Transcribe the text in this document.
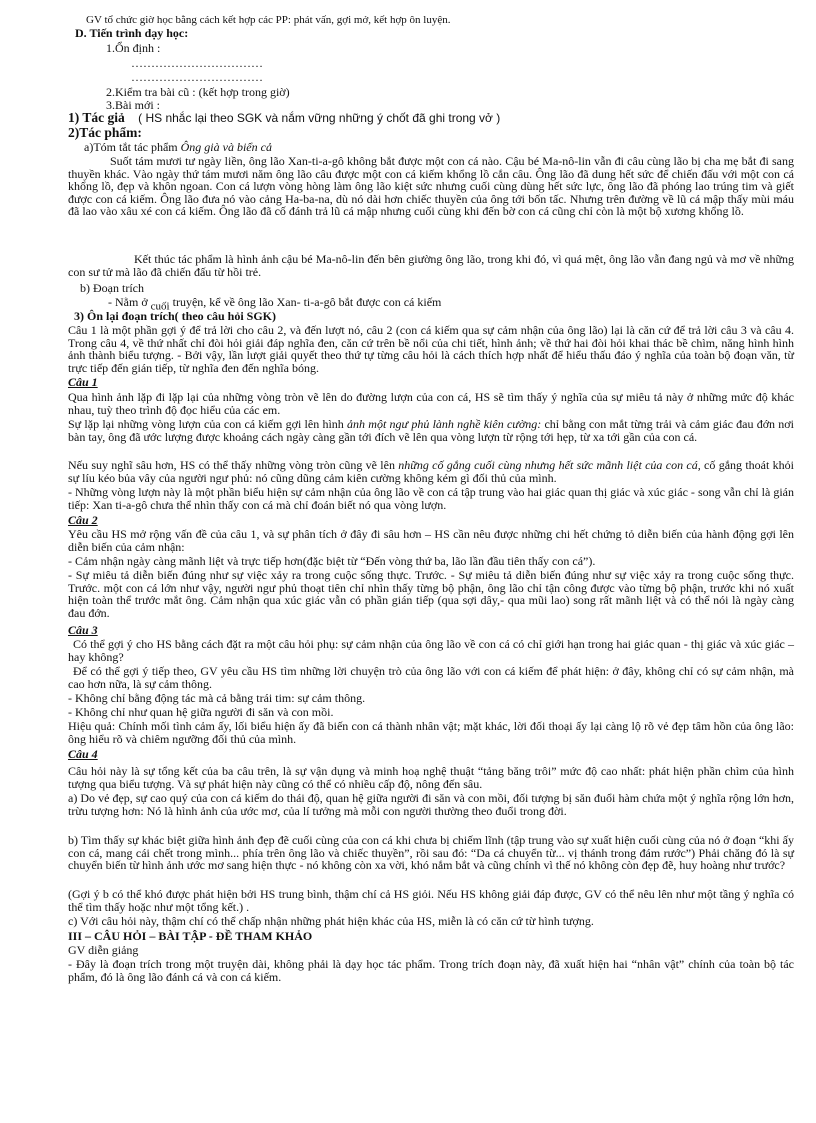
GV tổ chức giờ học bằng cách kết hợp các PP: phát vấn, gợi mở, kết hợp ôn luyện.
D. Tiến trình dạy học:
1.Ổn định :
……………………………
……………………………
2.Kiểm tra bài cũ : (kết hợp trong giờ)
3.Bài mới :
1) Tác giả ( HS nhắc lại theo SGK và nắm vững những ý chốt đã ghi trong vở )
2)Tác phẩm:
a)Tóm tắt tác phẩm Ông già và biển cả
Suốt tám mươi tư ngày liền, ông lão Xan-ti-a-gô không bắt được một con cá nào. Cậu bé Ma-nô-lin vẫn đi câu cùng lão bị cha mẹ bắt đi sang thuyền khác. Vào ngày thứ tám mươi năm ông lão câu được một con cá kiếm khổng lồ cắn câu. Ông lão đã dung hết sức để chiến đấu với một con cá khổng lồ, đẹp và khôn ngoan. Con cá lượn vòng hòng làm ông lão kiệt sức nhưng cuối cùng dùng hết sức lực, ông lão đã phóng lao trúng tim và giết được con cá kiếm. Ông lão đưa nó vào cảng Ha-ba-na, dù nó dài hơn chiếc thuyền của ông tới bốn tấc. Nhưng trên đường về lũ cá mập thấy mùi máu đã lao vào xâu xé con cá kiếm. Ông lão đã cố đánh trả lũ cá mập nhưng cuối cùng khi đến bờ con cá cũng chỉ còn là một bộ xương khổng lồ.
Kết thúc tác phẩm là hình ảnh cậu bé Ma-nô-lin đến bên giường ông lão, trong khi đó, vì quá mệt, ông lão vẫn đang ngủ và mơ về những con sư tử mà lão đã chiến đấu từ hồi trẻ.
b) Đoạn trích
- Nằm ở $_{cuối}$ truyện, kể về ông lão Xan- ti-a-gô bắt được con cá kiếm
3) Ôn lại đoạn trích( theo câu hỏi SGK)
Câu 1 là một phần gợi ý để trả lời cho câu 2, và đến lượt nó, câu 2 (con cá kiếm qua sự cảm nhận của ông lão) lại là căn cứ để trả lời câu 3 và câu 4. Trong câu 4, về thứ nhất chỉ đòi hỏi giải đáp nghĩa đen, căn cứ trên bề nổi của chi tiết, hình ảnh; về thứ hai đòi hỏi khai thác bề chìm, năng hình hình ảnh thành biểu tượng. - Bởi vậy, lần lượt giải quyết theo thứ tự từng câu hỏi là cách thích hợp nhất để hiểu thấu đáo ý nghĩa của toàn bộ đoạn văn, từ trực tiếp đến gián tiếp, từ nghĩa đen đến nghĩa bóng.
Câu 1
Qua hình ảnh lặp đi lặp lại của những vòng tròn vẽ lên do đường lượn của con cá, HS sẽ tìm thấy ý nghĩa của sự miêu tả này ở những mức độ khác nhau, tuỳ theo trình độ đọc hiểu của các em.
Sự lặp lại những vòng lượn của con cá kiếm gợi lên hình ảnh một ngư phủ lành nghề kiên cường: chỉ bằng con mắt từng trải và cảm giác đau đớn nơi bàn tay, ông đã ước lượng được khoảng cách ngày càng gần tới đích vẽ lên qua vòng lượn từ rộng tới hẹp, từ xa tới gần của con cá.
Nếu suy nghĩ sâu hơn, HS có thể thấy những vòng tròn cũng vẽ lên những cố gắng cuối cùng nhưng hết sức mãnh liệt của con cá, cố gắng thoát khỏi sự líu kéo bủa vây của người ngư phủ: nó cũng dũng cảm kiên cường không kém gì đối thủ của mình.
- Những vòng lượn này là một phần biểu hiện sự cảm nhận của ông lão về con cá tập trung vào hai giác quan thị giác và xúc giác - song vẫn chỉ là gián tiếp: Xan ti-a-gô chưa thể nhìn thấy con cá mà chỉ đoán biết nó qua vòng lượn.
Câu 2
Yêu cầu HS mở rộng vấn đề của câu 1, và sự phân tích ở đây đi sâu hơn – HS cần nêu được những chi hết chứng tỏ diễn biến của hành động gợi lên diễn biến của cảm nhận:
- Cảm nhận ngày càng mãnh liệt và trực tiếp hơn(đặc biệt từ “Đến vòng thứ ba, lão lần đầu tiên thấy con cá”).
- Sự miêu tả diễn biến đúng như sự việc xảy ra trong cuộc sống thực. Trước. - Sự miêu tả diễn biến đúng như sự việc xảy ra trong cuộc sống thực. Trước. một con cá lớn như vậy, người ngư phủ thoạt tiên chỉ nhìn thấy từng bộ phận, ông lão chỉ tận công được vào từng bộ phận, trước khi nó xuất hiện toàn thể trước mắt ông. Cảm nhận qua xúc giác vẫn có phần gián tiếp (qua sợi dây,- qua mũi lao) song rất mãnh liệt và có thể nói là ngày càng đau đớn.
Câu 3
Có thể gợi ý cho HS bằng cách đặt ra một câu hỏi phụ: sự cảm nhận của ông lão về con cá có chỉ giới hạn trong hai giác quan - thị giác và xúc giác – hay không?
Để có thể gợi ý tiếp theo, GV yêu cầu HS tìm những lời chuyện trò của ông lão với con cá kiếm để phát hiện: ở đây, không chỉ có sự cảm nhận, mà cao hơn nữa, là sự cảm thông.
- Không chỉ bằng động tác mà cả bằng trái tim: sự cảm thông.
- Không chỉ như quan hệ giữa người đi săn và con mồi.
Hiệu quả: Chính mối tình cảm ấy, lối biểu hiện ấy đã biến con cá thành nhân vật; mặt khác, lời đối thoại ấy lại càng lộ rõ vẻ đẹp tâm hồn của ông lão: ông hiểu rõ và chiêm ngưỡng đối thủ của mình.
Câu 4
Câu hỏi này là sự tổng kết của ba câu trên, là sự vận dụng và minh hoạ nghệ thuật “tảng băng trôi” mức độ cao nhất: phát hiện phần chìm của hình tượng qua biểu tượng. Và sự phát hiện này cũng có thể có nhiều cấp độ, nông đến sâu.
a) Do vẻ đẹp, sự cao quý của con cá kiếm do thái độ, quan hệ giữa người đi săn và con mồi, đối tượng bị săn đuổi hàm chứa một ý nghĩa rộng lớn hơn, trừu tượng hơn: Nó là hình ảnh của ước mơ, của lí tưởng mà mỗi con người thường theo đuổi trong đời.
b) Tìm thấy sự khác biệt giữa hình ảnh đẹp đẽ cuối cùng của con cá khi chưa bị chiếm lĩnh (tập trung vào sự xuất hiện cuối cùng của nó ở đoạn “khi ấy con cá, mang cái chết trong mình... phía trên ông lão và chiếc thuyền”, rồi sau đó: “Da cá chuyển từ... vị thánh trong đám rước”) Phải chăng đó là sự chuyển biến từ hình ảnh ước mơ sang hiện thực - nó không còn xa vời, khó nắm bắt và cũng chính vì thế nó không còn đẹp đẽ, huy hoàng như trước?
(Gợi ý b có thể khó được phát hiện bởi HS trung bình, thậm chí cả HS giỏi. Nếu HS không giải đáp được, GV có thể nêu lên như một tầng ý nghĩa có thể tìm thấy hoặc như một tổng kết.) .
c) Với câu hỏi này, thậm chí có thể chấp nhận những phát hiện khác của HS, miễn là có căn cứ từ hình tượng.
III – CÂU HỎI – BÀI TẬP - ĐỀ THAM KHẢO
GV diễn giảng
- Đây là đoạn trích trong một truyện dài, không phải là dạy học tác phẩm. Trong trích đoạn này, đã xuất hiện hai “nhân vật” chính của toàn bộ tác phẩm, đó là ông lão đánh cá và con cá kiếm.
